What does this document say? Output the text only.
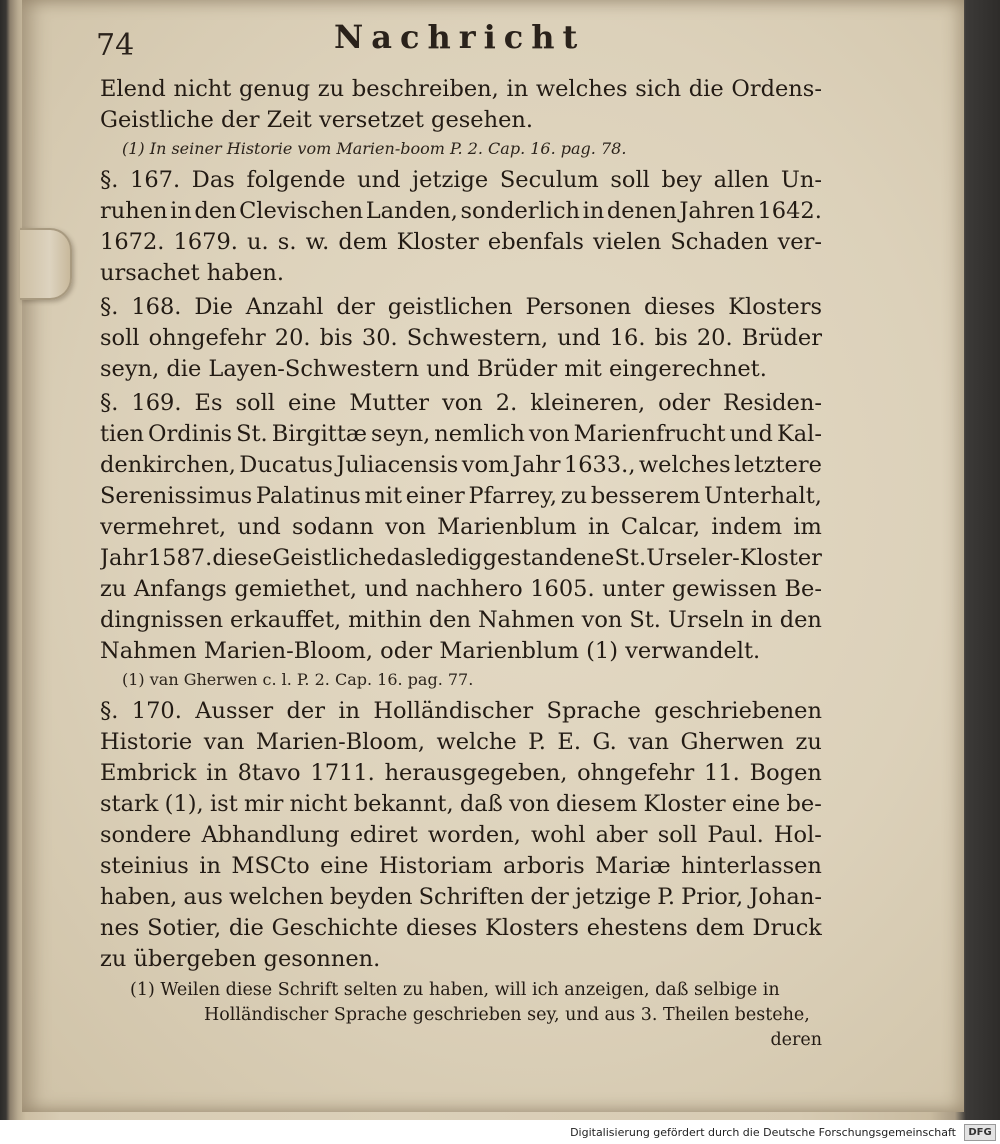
74	Nachricht
Elend nicht genug zu beschreiben, in welches sich die Ordens-
Geistliche der Zeit versetzet gesehen.
(1) In seiner Historie vom Marien-boom P. 2. Cap. 16. pag. 78.
§. 167. Das folgende und jetzige Seculum soll bey allen Un-
ruhen in den Clevischen Landen, sonderlich in denen Jahren 1642.
1672. 1679. u. s. w. dem Kloster ebenfals vielen Schaden ver-
ursachet haben.
§. 168. Die Anzahl der geistlichen Personen dieses Klosters
soll ohngefehr 20. bis 30. Schwestern, und 16. bis 20. Brüder
seyn, die Layen-Schwestern und Brüder mit eingerechnet.
§. 169. Es soll eine Mutter von 2. kleineren, oder Residen-
tien Ordinis St. Birgittæ seyn, nemlich von Marienfrucht und Kal-
denkirchen, Ducatus Juliacensis vom Jahr 1633., welches letztere
Serenissimus Palatinus mit einer Pfarrey, zu besserem Unterhalt,
vermehret, und sodann von Marienblum in Calcar, indem im
Jahr 1587. diese Geistliche das ledig gestandene St. Urseler-Kloster
zu Anfangs gemiethet, und nachhero 1605. unter gewissen Be-
dingnissen erkauffet, mithin den Nahmen von St. Urseln in den
Nahmen Marien-Bloom, oder Marienblum (1) verwandelt.
(1) van Gherwen c. l. P. 2. Cap. 16. pag. 77.
§. 170. Ausser der in Holländischer Sprache geschriebenen
Historie van Marien-Bloom, welche P. E. G. van Gherwen zu
Embrick in 8tavo 1711. herausgegeben, ohngefehr 11. Bogen
stark (1), ist mir nicht bekannt, daß von diesem Kloster eine be-
sondere Abhandlung ediret worden, wohl aber soll Paul. Hol-
steinius in MSCto eine Historiam arboris Mariæ hinterlassen
haben, aus welchen beyden Schriften der jetzige P. Prior, Johan-
nes Sotier, die Geschichte dieses Klosters ehestens dem Druck
zu übergeben gesonnen.
(1) Weilen diese Schrift selten zu haben, will ich anzeigen, daß selbige in
Holländischer Sprache geschrieben sey, und aus 3. Theilen bestehe,
deren
Digitalisierung gefördert durch die Deutsche Forschungsgemeinschaft	DFG
